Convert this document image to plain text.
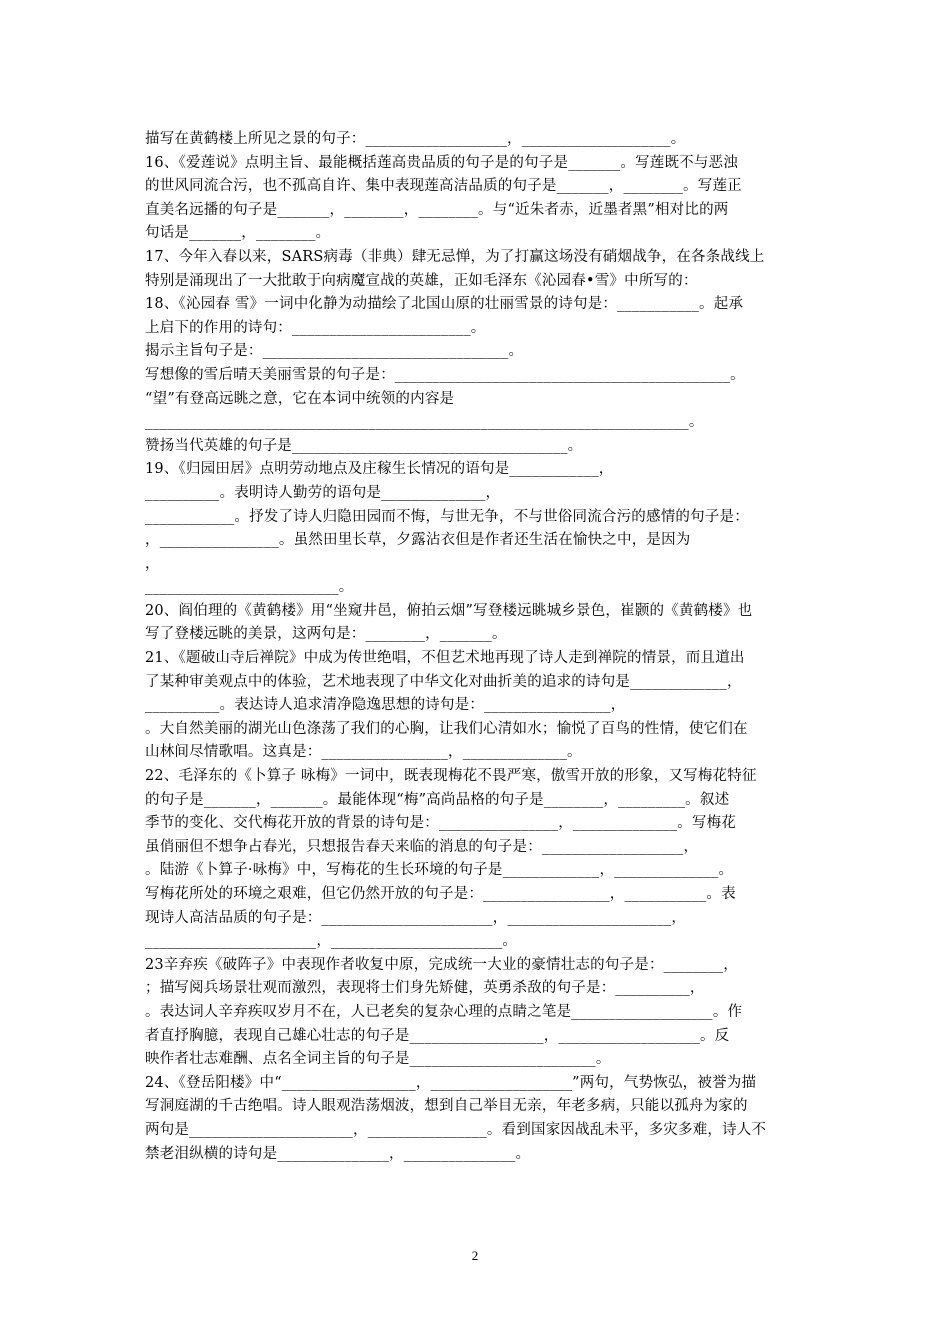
描写在黄鹤楼上所见之景的句子：___________________，____________________。
16、《爱莲说》点明主旨、最能概括莲高贵品质的句子是的句子是_______。写莲既不与恶浊
的世风同流合污，也不孤高自许、集中表现莲高洁品质的句子是_______，________。写莲正
直美名远播的句子是_______，________，________。与“近朱者赤，近墨者黑”相对比的两
句话是_______，________。
17、今年入春以来，SARS病毒（非典）肆无忌惮，为了打赢这场没有硝烟战争，在各条战线上
特别是涌现出了一大批敢于向病魔宣战的英雄，正如毛泽东《沁园春•雪》中所写的：
18、《沁园春 雪》一词中化静为动描绘了北国山原的壮丽雪景的诗句是：___________。起承
上启下的作用的诗句：________________________。
揭示主旨句子是：_________________________________。
写想像的雪后晴天美丽雪景的句子是：_____________________________________________。
“望”有登高远眺之意，它在本词中统领的内容是
_________________________________________________________________________。
赞扬当代英雄的句子是_____________________________________。
19、《归园田居》点明劳动地点及庄稼生长情况的语句是____________，
__________。表明诗人勤劳的语句是______________，
____________。抒发了诗人归隐田园而不悔，与世无争，不与世俗同流合污的感情的句子是：
，________________。虽然田里长草，夕露沾衣但是作者还生活在愉快之中，是因为
，
__________________________。
20、阎伯理的《黄鹤楼》用“坐窥井邑，俯拍云烟”写登楼远眺城乡景色，崔颢的《黄鹤楼》也
写了登楼远眺的美景，这两句是：________，_______。
21、《题破山寺后禅院》中成为传世绝唱，不但艺术地再现了诗人走到禅院的情景，而且道出
了某种审美观点中的体验，艺术地表现了中华文化对曲折美的追求的诗句是_____________，
__________。表达诗人追求清净隐逸思想的诗句是：_________________，
。大自然美丽的湖光山色涤荡了我们的心胸，让我们心清如水；愉悦了百鸟的性情，使它们在
山林间尽情歌唱。这真是：_________________，______________。
22、毛泽东的《卜算子 咏梅》一词中，既表现梅花不畏严寒，傲雪开放的形象，又写梅花特征
的句子是_______，_______。最能体现“梅”高尚品格的句子是________，_________。叙述
季节的变化、交代梅花开放的背景的诗句是：________________，______________。写梅花
虽俏丽但不想争占春光，只想报告春天来临的消息的句子是：___________________，
。陆游《卜算子·咏梅》中，写梅花的生长环境的句子是_____________，______________。
写梅花所处的环境之艰难，但它仍然开放的句子是：_________________，___________。表
现诗人高洁品质的句子是：_______________________，______________________，
_______________________，_______________________。
23辛弃疾《破阵子》中表现作者收复中原，完成统一大业的豪情壮志的句子是：________，
；描写阅兵场景壮观而激烈，表现将士们身先矫健，英勇杀敌的句子是：__________，
。表达词人辛弃疾叹岁月不在，人已老矣的复杂心理的点睛之笔是___________________。作
者直抒胸臆，表现自己雄心壮志的句子是__________________，___________________。反
映作者壮志难酬、点名全词主旨的句子是_________________________。
24、《登岳阳楼》中“__________________，___________________”两句，气势恢弘，被誉为描
写洞庭湖的千古绝唱。诗人眼观浩荡烟波，想到自己举目无亲，年老多病，只能以孤舟为家的
两句是______________________，________________。看到国家因战乱未平，多灾多难，诗人不
禁老泪纵横的诗句是_______________，_______________。
2
